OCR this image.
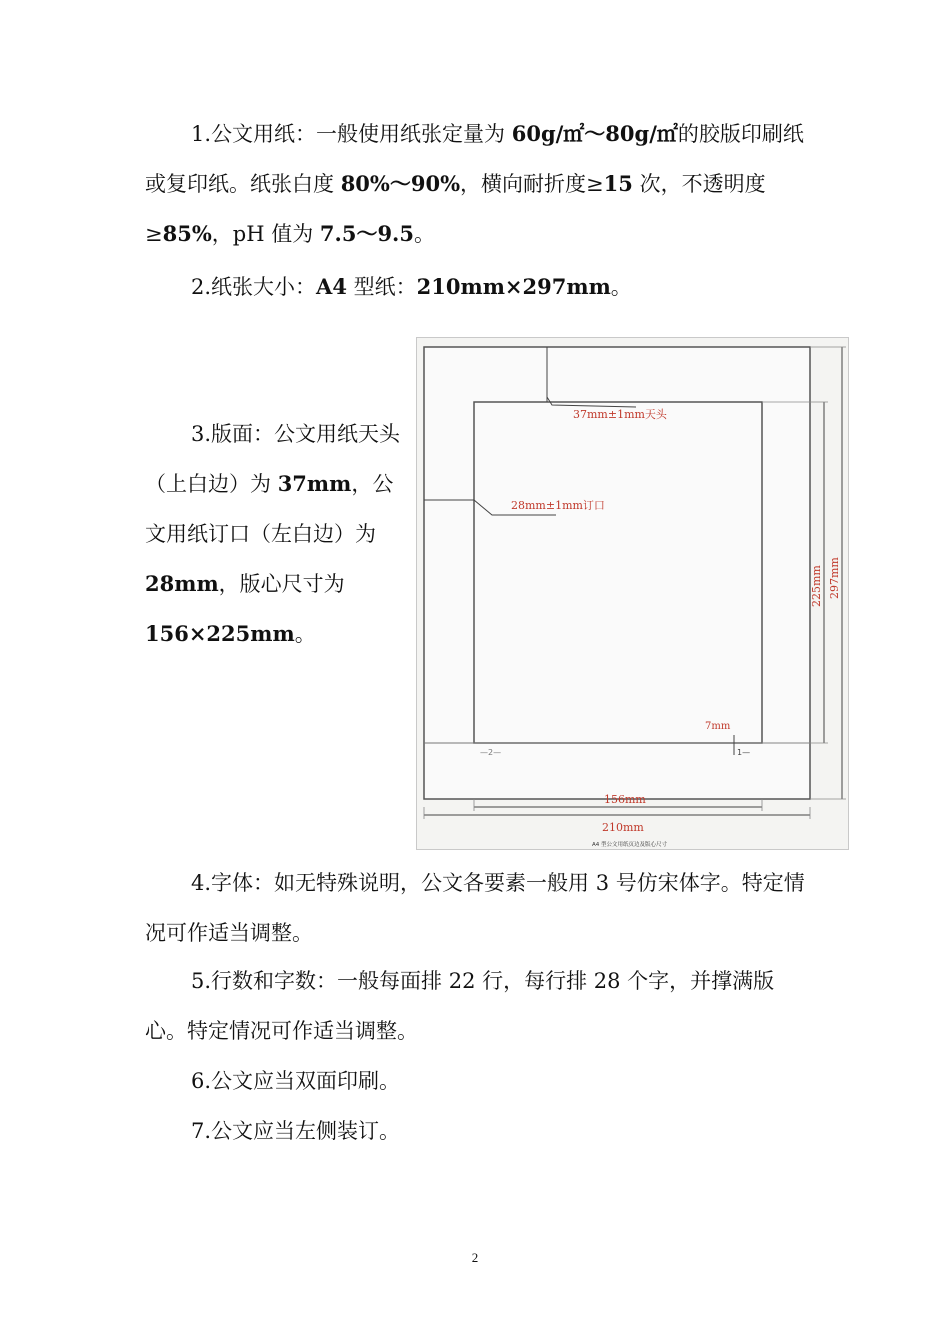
1.公文用纸：一般使用纸张定量为 60g/㎡～80g/㎡的胶版印刷纸或复印纸。纸张白度 80%～90%，横向耐折度≥15 次，不透明度≥85%，pH 值为 7.5～9.5。

2.纸张大小：A4 型纸：210mm×297mm。

3.版面：公文用纸天头（上白边）为 37mm，公文用纸订口（左白边）为 28mm，版心尺寸为 156×225mm。

37mm±1mm天头
28mm±1mm订口
225mm 297mm
7mm
—2—	1—
156mm
210mm
A4 型公文用纸页边及版心尺寸

4.字体：如无特殊说明，公文各要素一般用 3 号仿宋体字。特定情况可作适当调整。

5.行数和字数：一般每面排 22 行，每行排 28 个字，并撑满版心。特定情况可作适当调整。

6.公文应当双面印刷。

7.公文应当左侧装订。

2
